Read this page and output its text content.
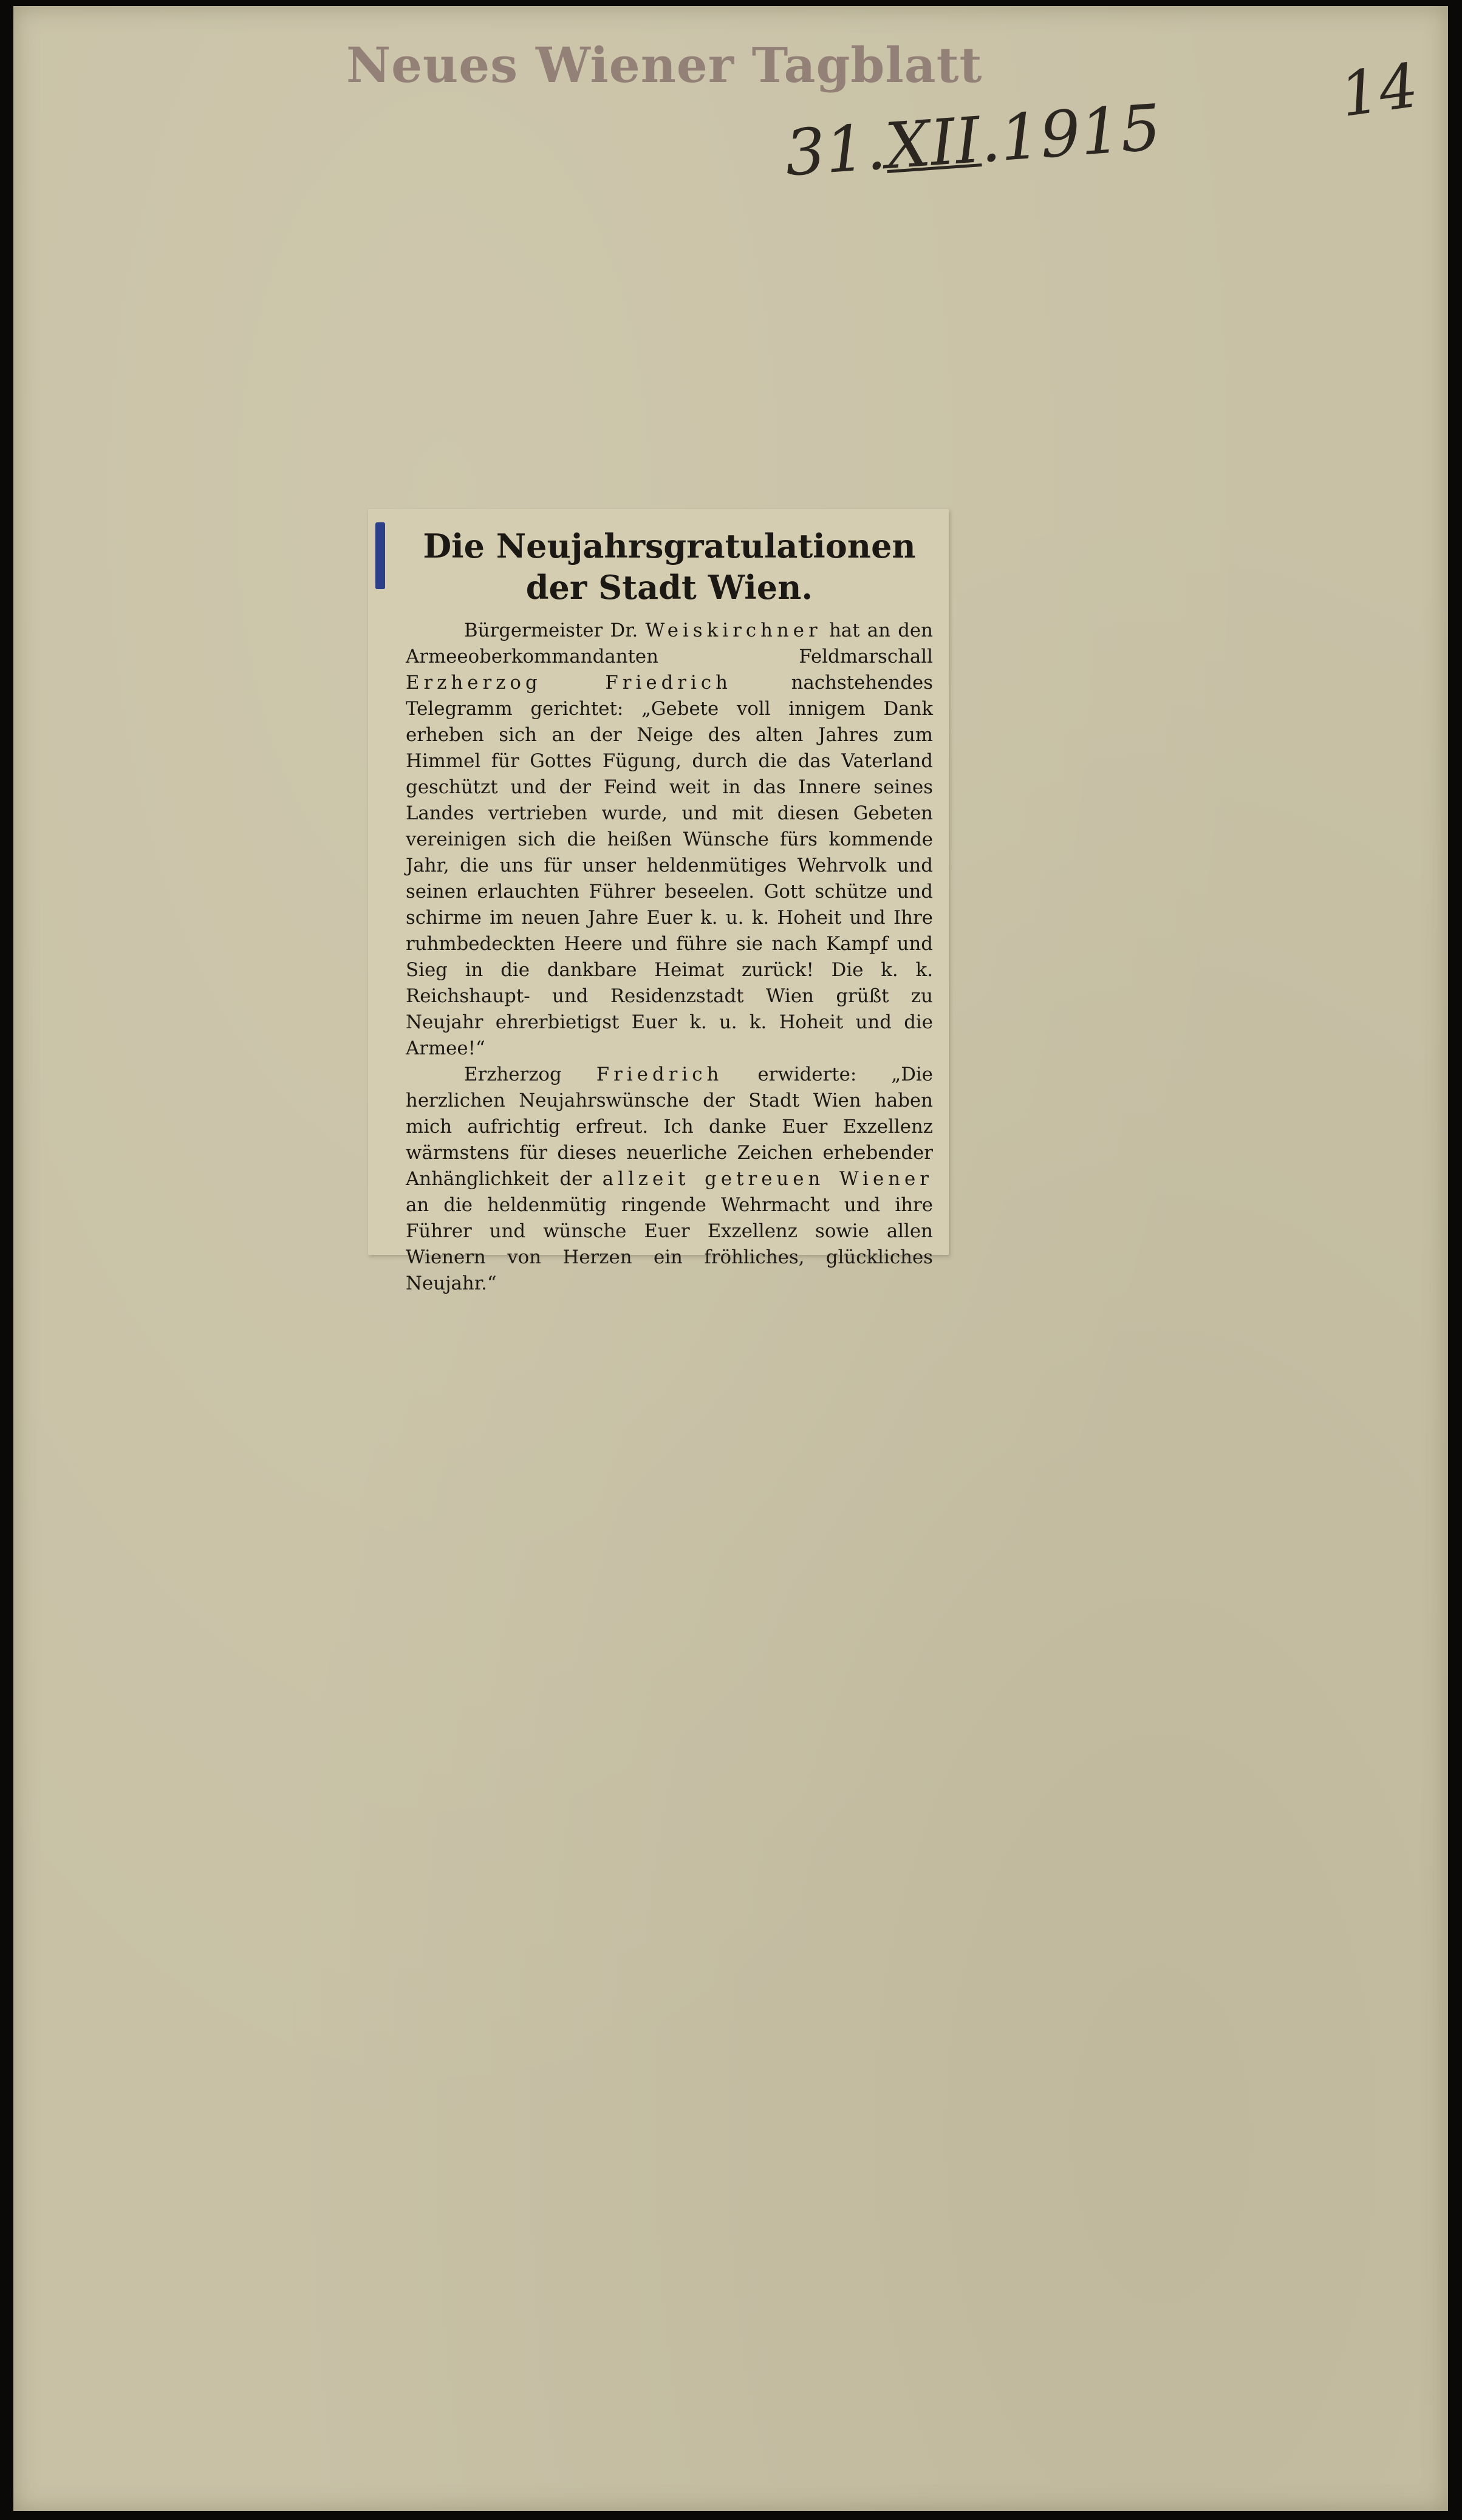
Neues Wiener Tagblatt
31.XII.1915
14
Die Neujahrsgratulationen
der Stadt Wien.

Bürgermeister Dr. Weiskirchner hat an den Armeeoberkommandanten Feldmarschall Erzherzog Friedrich nachstehendes Telegramm gerichtet: „Gebete voll innigem Dank erheben sich an der Neige des alten Jahres zum Himmel für Gottes Fügung, durch die das Vaterland geschützt und der Feind weit in das Innere seines Landes vertrieben wurde, und mit diesen Gebeten vereinigen sich die heißen Wünsche fürs kommende Jahr, die uns für unser heldenmütiges Wehrvolk und seinen erlauchten Führer beseelen. Gott schütze und schirme im neuen Jahre Euer k. u. k. Hoheit und Ihre ruhmbedeckten Heere und führe sie nach Kampf und Sieg in die dankbare Heimat zurück! Die k. k. Reichshaupt- und Residenzstadt Wien grüßt zu Neujahr ehrerbietigst Euer k. u. k. Hoheit und die Armee!“

Erzherzog Friedrich erwiderte: „Die herzlichen Neujahrswünsche der Stadt Wien haben mich aufrichtig erfreut. Ich danke Euer Exzellenz wärmstens für dieses neuerliche Zeichen erhebender Anhänglichkeit der allzeit getreuen Wiener an die heldenmütig ringende Wehrmacht und ihre Führer und wünsche Euer Exzellenz sowie allen Wienern von Herzen ein fröhliches, glückliches Neujahr.“
